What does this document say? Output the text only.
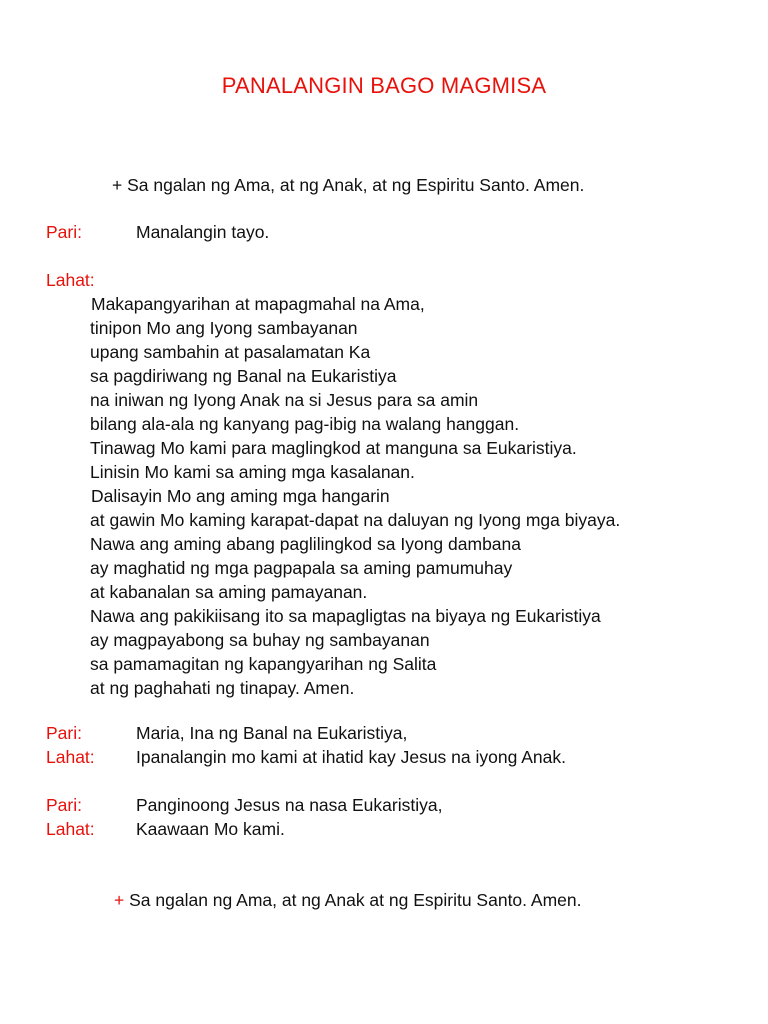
PANALANGIN BAGO MAGMISA
+ Sa ngalan ng Ama, at ng Anak, at ng Espiritu Santo. Amen.
Pari:	Manalangin tayo.
Lahat:
Makapangyarihan at mapagmahal na Ama,
tinipon Mo ang Iyong sambayanan
upang sambahin at pasalamatan Ka
sa pagdiriwang ng Banal na Eukaristiya
na iniwan ng Iyong Anak na si Jesus para sa amin
bilang ala-ala ng kanyang pag-ibig na walang hanggan.
Tinawag Mo kami para maglingkod at manguna sa Eukaristiya.
Linisin Mo kami sa aming mga kasalanan.
Dalisayin Mo ang aming mga hangarin
at gawin Mo kaming karapat-dapat na daluyan ng Iyong mga biyaya.
Nawa ang aming abang paglilingkod sa Iyong dambana
ay maghatid ng mga pagpapala sa aming pamumuhay
at kabanalan sa aming pamayanan.
Nawa ang pakikiisang ito sa mapagligtas na biyaya ng Eukaristiya
ay magpayabong sa buhay ng sambayanan
sa pamamagitan ng kapangyarihan ng Salita
at ng paghahati ng tinapay. Amen.
Pari:	Maria, Ina ng Banal na Eukaristiya,
Lahat: Ipanalangin mo kami at ihatid kay Jesus na iyong Anak.
Pari:	Panginoong Jesus na nasa Eukaristiya,
Lahat: Kaawaan Mo kami.
+ Sa ngalan ng Ama, at ng Anak at ng Espiritu Santo. Amen.
